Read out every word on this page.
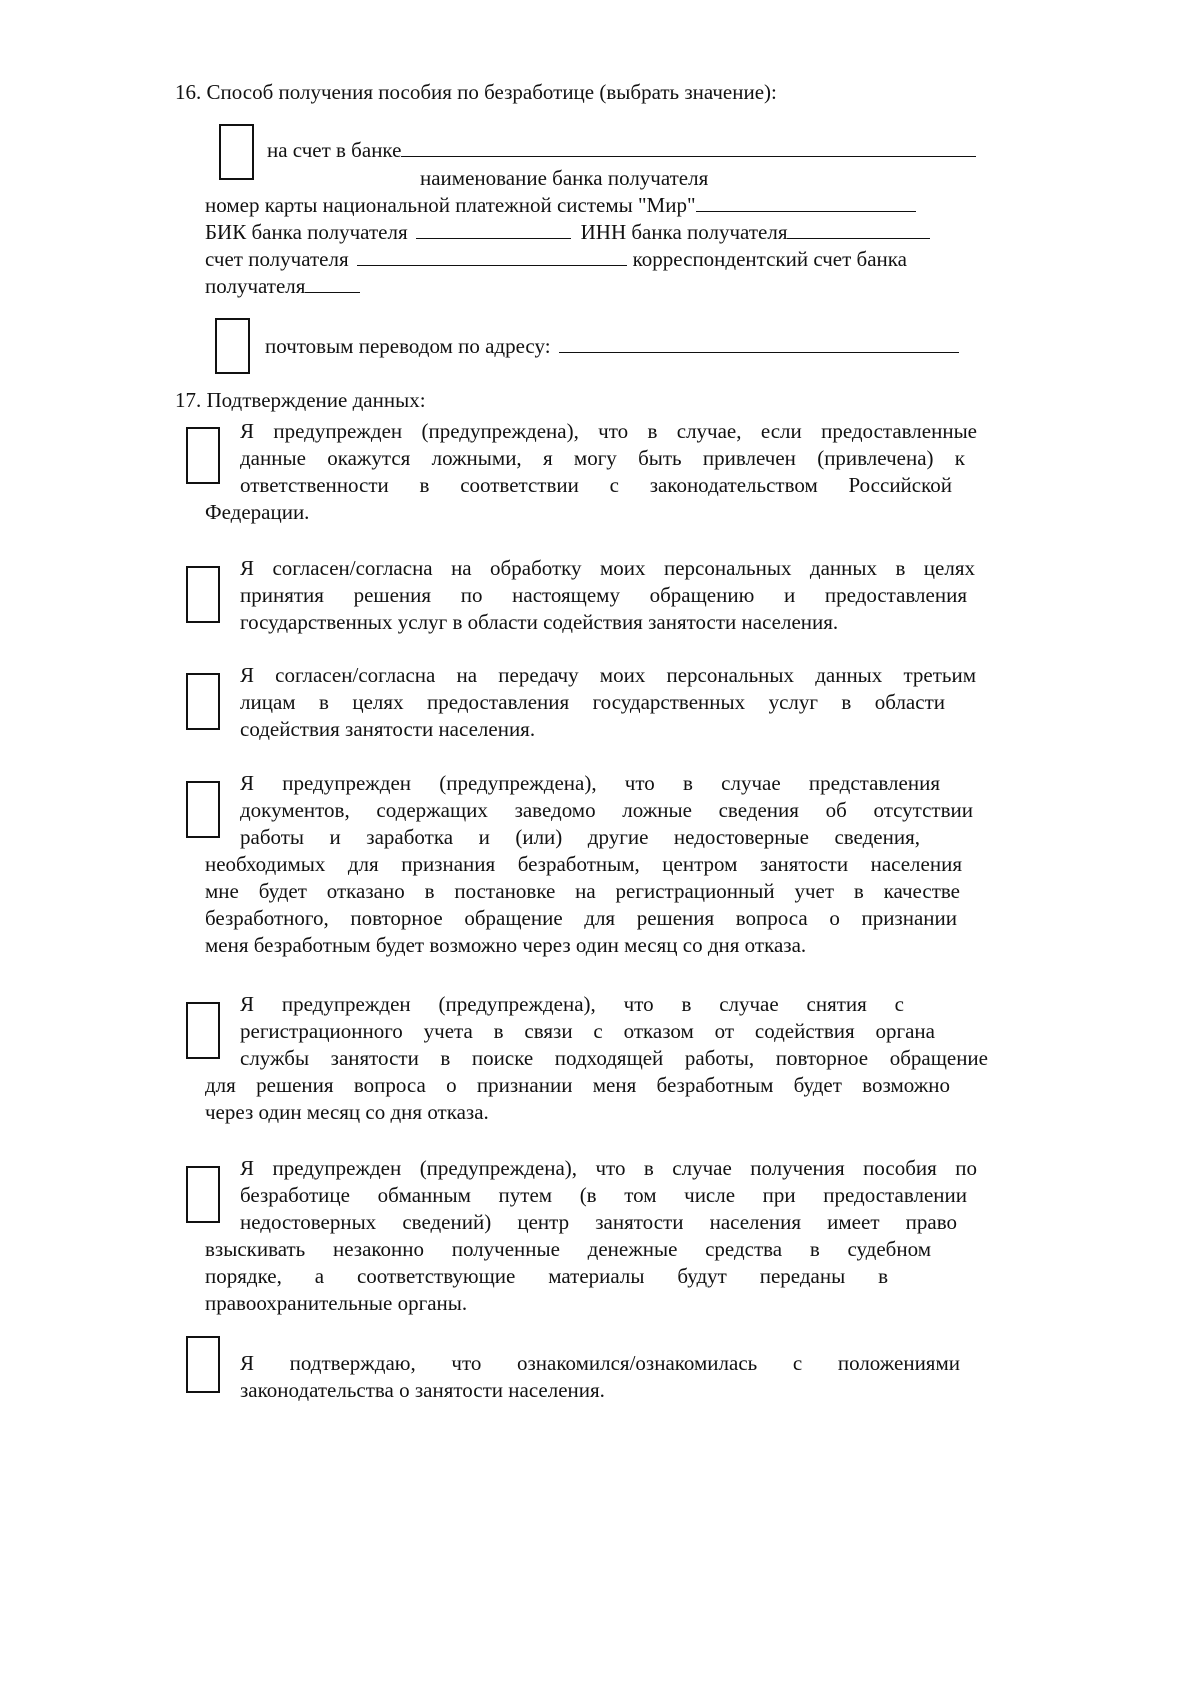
16. Способ получения пособия по безработице (выбрать значение):
на счет в банке
наименование банка получателя
номер карты национальной платежной системы "Мир"
БИК банка получателя	ИНН банка получателя
счет получателя	корреспондентский счет банка
получателя
почтовым переводом по адресу:
17. Подтверждение данных:
Я предупрежден (предупреждена), что в случае, если предоставленные
данные окажутся ложными, я могу быть привлечен (привлечена) к
ответственности в соответствии с законодательством Российской
Федерации.
Я согласен/согласна на обработку моих персональных данных в целях
принятия решения по настоящему обращению и предоставления
государственных услуг в области содействия занятости населения.
Я согласен/согласна на передачу моих персональных данных третьим
лицам в целях предоставления государственных услуг в области
содействия занятости населения.
Я предупрежден (предупреждена), что в случае представления
документов, содержащих заведомо ложные сведения об отсутствии
работы и заработка и (или) другие недостоверные сведения,
необходимых для признания безработным, центром занятости населения
мне будет отказано в постановке на регистрационный учет в качестве
безработного, повторное обращение для решения вопроса о признании
меня безработным будет возможно через один месяц со дня отказа.
Я предупрежден (предупреждена), что в случае снятия с
регистрационного учета в связи с отказом от содействия органа
службы занятости в поиске подходящей работы, повторное обращение
для решения вопроса о признании меня безработным будет возможно
через один месяц со дня отказа.
Я предупрежден (предупреждена), что в случае получения пособия по
безработице обманным путем (в том числе при предоставлении
недостоверных сведений) центр занятости населения имеет право
взыскивать незаконно полученные денежные средства в судебном
порядке, а соответствующие материалы будут переданы в
правоохранительные органы.
Я подтверждаю, что ознакомился/ознакомилась с положениями
законодательства о занятости населения.
